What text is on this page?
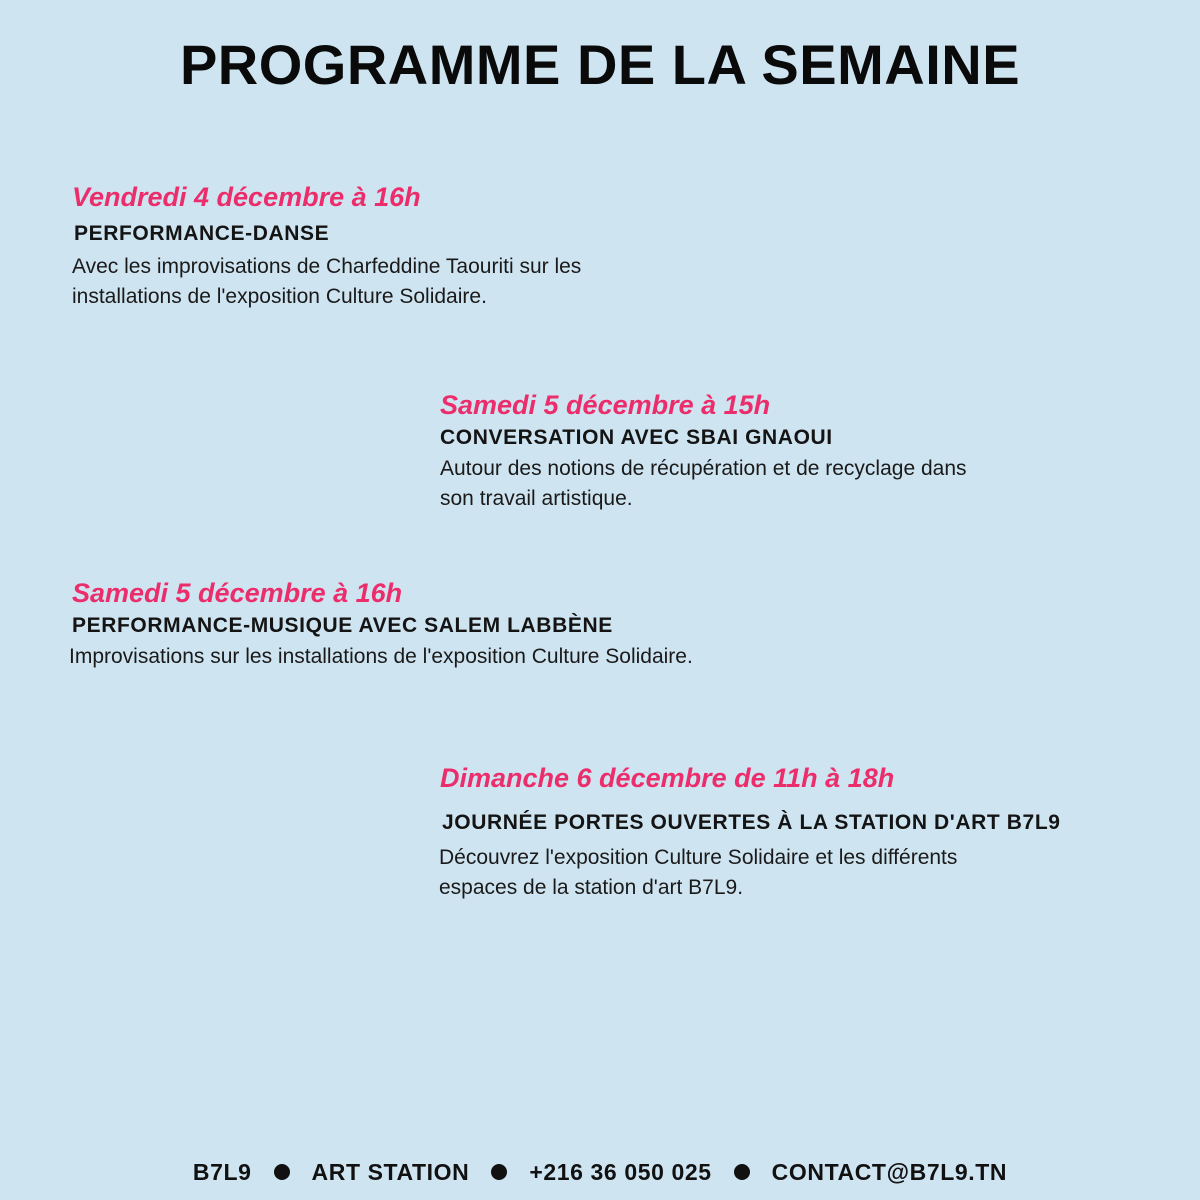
PROGRAMME DE LA SEMAINE

Vendredi 4 décembre à 16h

PERFORMANCE-DANSE

Avec les improvisations de Charfeddine Taouriti sur les
installations de l'exposition Culture Solidaire.

Samedi 5 décembre à 15h

CONVERSATION AVEC SBAI GNAOUI

Autour des notions de récupération et de recyclage dans
son travail artistique.

Samedi 5 décembre à 16h

PERFORMANCE-MUSIQUE AVEC SALEM LABBÈNE

Improvisations sur les installations de l'exposition Culture Solidaire.

Dimanche 6 décembre de 11h à 18h

JOURNÉE PORTES OUVERTES À LA STATION D'ART B7L9

Découvrez l'exposition Culture Solidaire et les différents
espaces de la station d'art B7L9.

B7L9	ART STATION	+216 36 050 025	CONTACT@B7L9.TN
